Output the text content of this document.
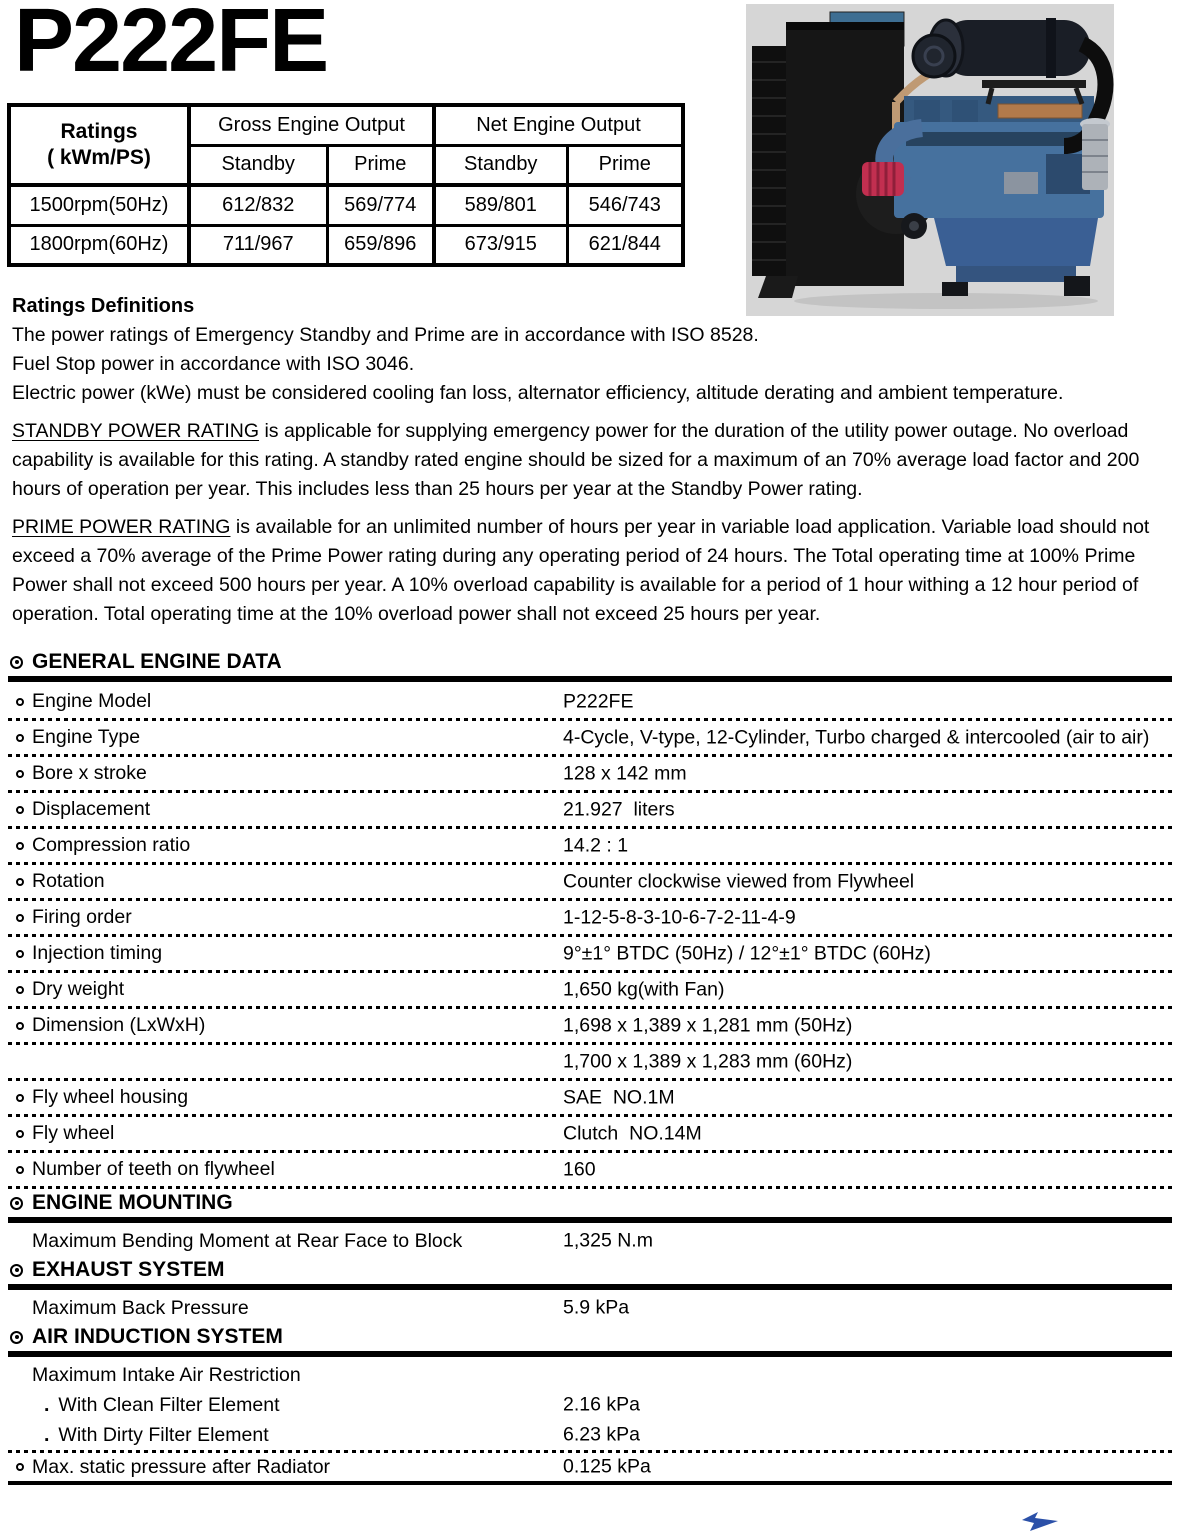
P222FE
Ratings
( kWm/PS)	Gross Engine Output		Net Engine Output	
	Standby	Prime	Standby	Prime
1500rpm(50Hz)	612/832	569/774	589/801	546/743
1800rpm(60Hz)	711/967	659/896	673/915	621/844

Ratings Definitions

The power ratings of Emergency Standby and Prime are in accordance with ISO 8528.

Fuel Stop power in accordance with ISO 3046.

Electric power (kWe) must be considered cooling fan loss, alternator efficiency, altitude derating and ambient temperature.

STANDBY POWER RATING is applicable for supplying emergency power for the duration of the utility power outage. No overload capability is available for this rating. A standby rated engine should be sized for a maximum of an 70% average load factor and 200 hours of operation per year. This includes less than 25 hours per year at the Standby Power rating.

PRIME POWER RATING is available for an unlimited number of hours per year in variable load application. Variable load should not exceed a 70% average of the Prime Power rating during any operating period of 24 hours. The Total operating time at 100% Prime Power shall not exceed 500 hours per year. A 10% overload capability is available for a period of 1 hour withing a 12 hour period of operation. Total operating time at the 10% overload power shall not exceed 25 hours per year.

GENERAL ENGINE DATA
Engine Model	P222FE
Engine Type	4-Cycle, V-type, 12-Cylinder, Turbo charged & intercooled (air to air)
Bore x stroke	128 x 142 mm
Displacement	21.927  liters
Compression ratio	14.2 : 1
Rotation	Counter clockwise viewed from Flywheel
Firing order	1-12-5-8-3-10-6-7-2-11-4-9
Injection timing	9°±1° BTDC (50Hz) / 12°±1° BTDC (60Hz)
Dry weight	1,650 kg(with Fan)
Dimension (LxWxH)	1,698 x 1,389 x 1,281 mm (50Hz)
1,700 x 1,389 x 1,283 mm (60Hz)
Fly wheel housing	SAE  NO.1M
Fly wheel	Clutch  NO.14M
Number of teeth on flywheel	160
ENGINE MOUNTING
Maximum Bending Moment at Rear Face to Block	1,325 N.m
EXHAUST SYSTEM
Maximum Back Pressure	5.9 kPa
AIR INDUCTION SYSTEM
Maximum Intake Air Restriction
. With Clean Filter Element	2.16 kPa
. With Dirty Filter Element	6.23 kPa
Max. static pressure after Radiator	0.125 kPa
